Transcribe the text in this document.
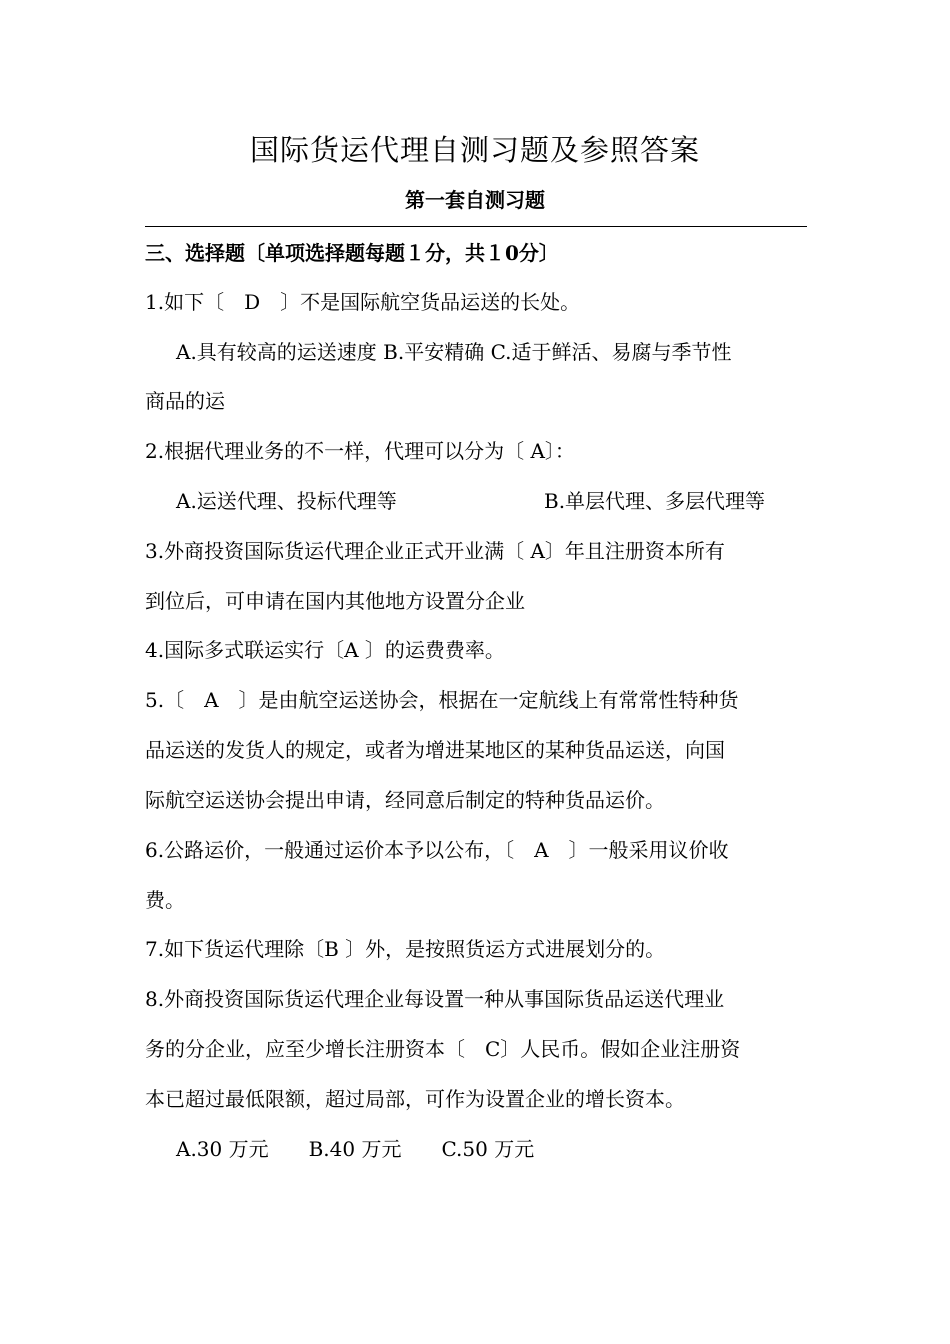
国际货运代理自测习题及参照答案
第一套自测习题
三、选择题〔单项选择题每题１分，共１0分〕
1.如下〔　D　〕不是国际航空货品运送的长处。
A.具有较高的运送速度 B.平安精确 C.适于鲜活、易腐与季节性
商品的运
2.根据代理业务的不一样，代理可以分为〔 A〕：
A.运送代理、投标代理等	B.单层代理、多层代理等
3.外商投资国际货运代理企业正式开业满〔 A〕年且注册资本所有
到位后，可申请在国内其他地方设置分企业
4.国际多式联运实行〔A 〕的运费费率。
5.〔　A　〕是由航空运送协会，根据在一定航线上有常常性特种货
品运送的发货人的规定，或者为增进某地区的某种货品运送，向国
际航空运送协会提出申请，经同意后制定的特种货品运价。
6.公路运价，一般通过运价本予以公布，〔　A　〕一般采用议价收
费。
7.如下货运代理除〔B 〕外，是按照货运方式进展划分的。
8.外商投资国际货运代理企业每设置一种从事国际货品运送代理业
务的分企业，应至少增长注册资本〔　C〕人民币。假如企业注册资
本已超过最低限额，超过局部，可作为设置企业的增长资本。
A.30 万元　　B.40 万元　　C.50 万元
